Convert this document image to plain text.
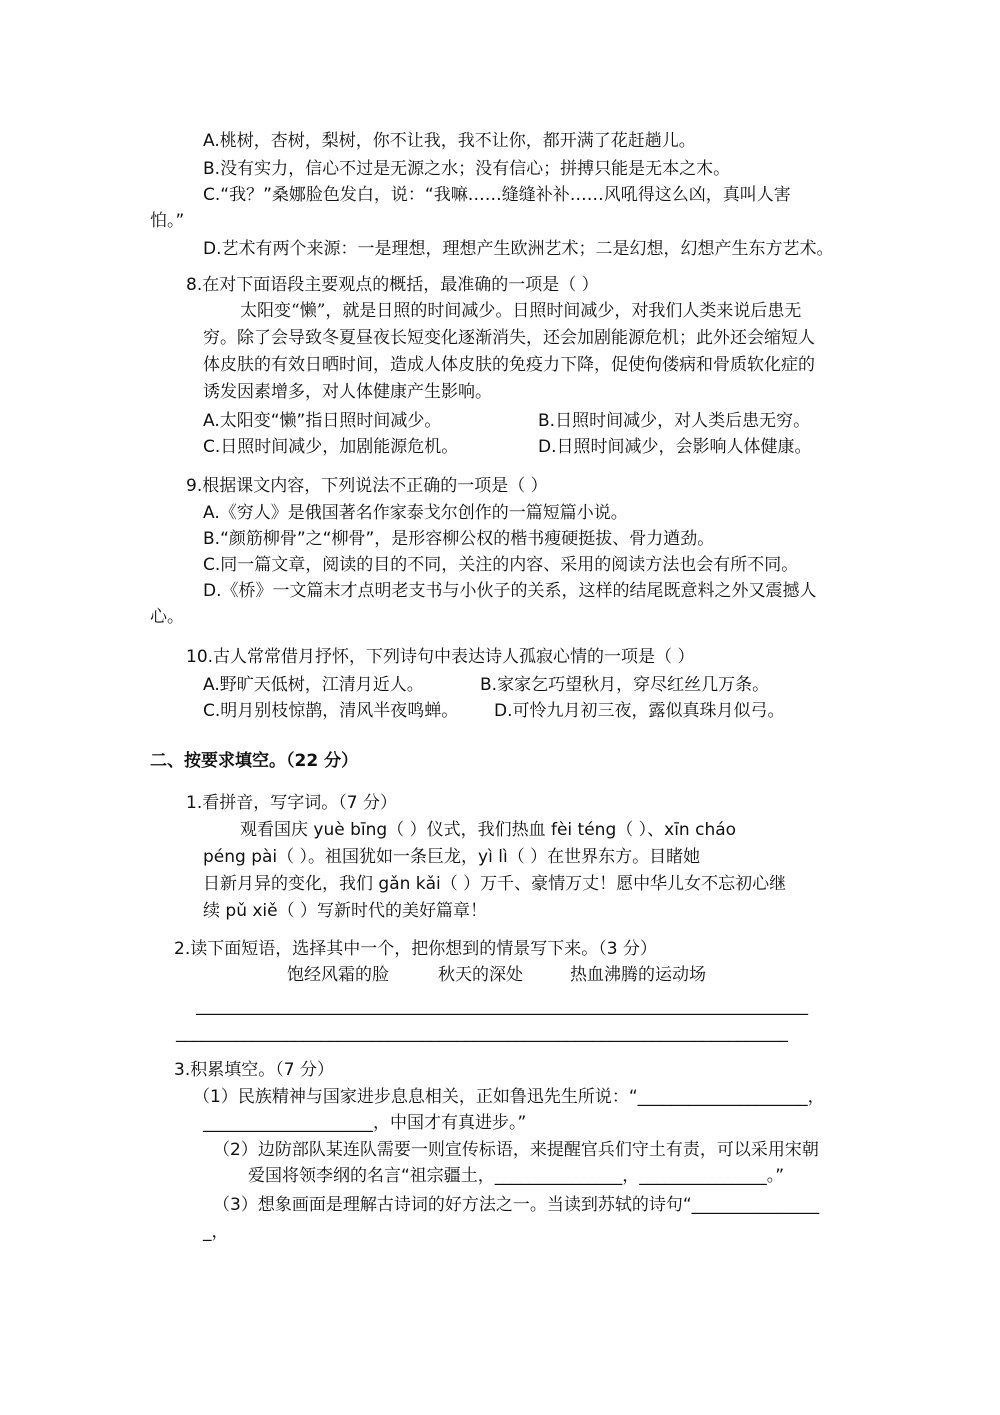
A.桃树，杏树，梨树，你不让我，我不让你，都开满了花赶趟儿。
B.没有实力，信心不过是无源之水；没有信心；拼搏只能是无本之木。
C.“我？”桑娜脸色发白，说：“我嘛……缝缝补补……风吼得这么凶，真叫人害
怕。”
D.艺术有两个来源：一是理想，理想产生欧洲艺术；二是幻想，幻想产生东方艺术。
8.在对下面语段主要观点的概括，最准确的一项是（ ）
太阳变“懒”，就是日照的时间减少。日照时间减少，对我们人类来说后患无
穷。除了会导致冬夏昼夜长短变化逐渐消失，还会加剧能源危机；此外还会缩短人
体皮肤的有效日晒时间，造成人体皮肤的免疫力下降，促使佝偻病和骨质软化症的
诱发因素增多，对人体健康产生影响。
A.太阳变“懒”指日照时间减少。	B.日照时间减少，对人类后患无穷。
C.日照时间减少，加剧能源危机。	D.日照时间减少，会影响人体健康。
9.根据课文内容，下列说法不正确的一项是（ ）
A.《穷人》是俄国著名作家泰戈尔创作的一篇短篇小说。
B.“颜筋柳骨”之“柳骨”，是形容柳公权的楷书瘦硬挺拔、骨力遒劲。
C.同一篇文章，阅读的目的不同，关注的内容、采用的阅读方法也会有所不同。
D.《桥》一文篇末才点明老支书与小伙子的关系，这样的结尾既意料之外又震撼人
心。
10.古人常常借月抒怀，下列诗句中表达诗人孤寂心情的一项是（ ）
A.野旷天低树，江清月近人。	B.家家乞巧望秋月，穿尽红丝几万条。
C.明月别枝惊鹊，清风半夜鸣蝉。 D.可怜九月初三夜，露似真珠月似弓。
二、按要求填空。（22 分）
1.看拼音，写字词。（7 分）
观看国庆 yuè bīng（ ）仪式，我们热血 fèi téng（ ）、xīn cháo
péng pài（ ）。祖国犹如一条巨龙，yì lì（ ）在世界东方。目睹她
日新月异的变化，我们 gǎn kǎi（ ）万千、豪情万丈！愿中华儿女不忘初心继
续 pǔ xiě（ ）写新时代的美好篇章！
2.读下面短语，选择其中一个，把你想到的情景写下来。（3 分）
饱经风霜的脸	秋天的深处	热血沸腾的运动场
________________________________________________________________________
________________________________________________________________________
3.积累填空。（7 分）
（1）民族精神与国家进步息息相关，正如鲁迅先生所说：“____________________，
____________________，中国才有真进步。”
（2）边防部队某连队需要一则宣传标语，来提醒官兵们守土有责，可以采用宋朝
爱国将领李纲的名言“祖宗疆土，_______________，_______________。”
（3）想象画面是理解古诗词的好方法之一。当读到苏轼的诗句“_______________
_，
